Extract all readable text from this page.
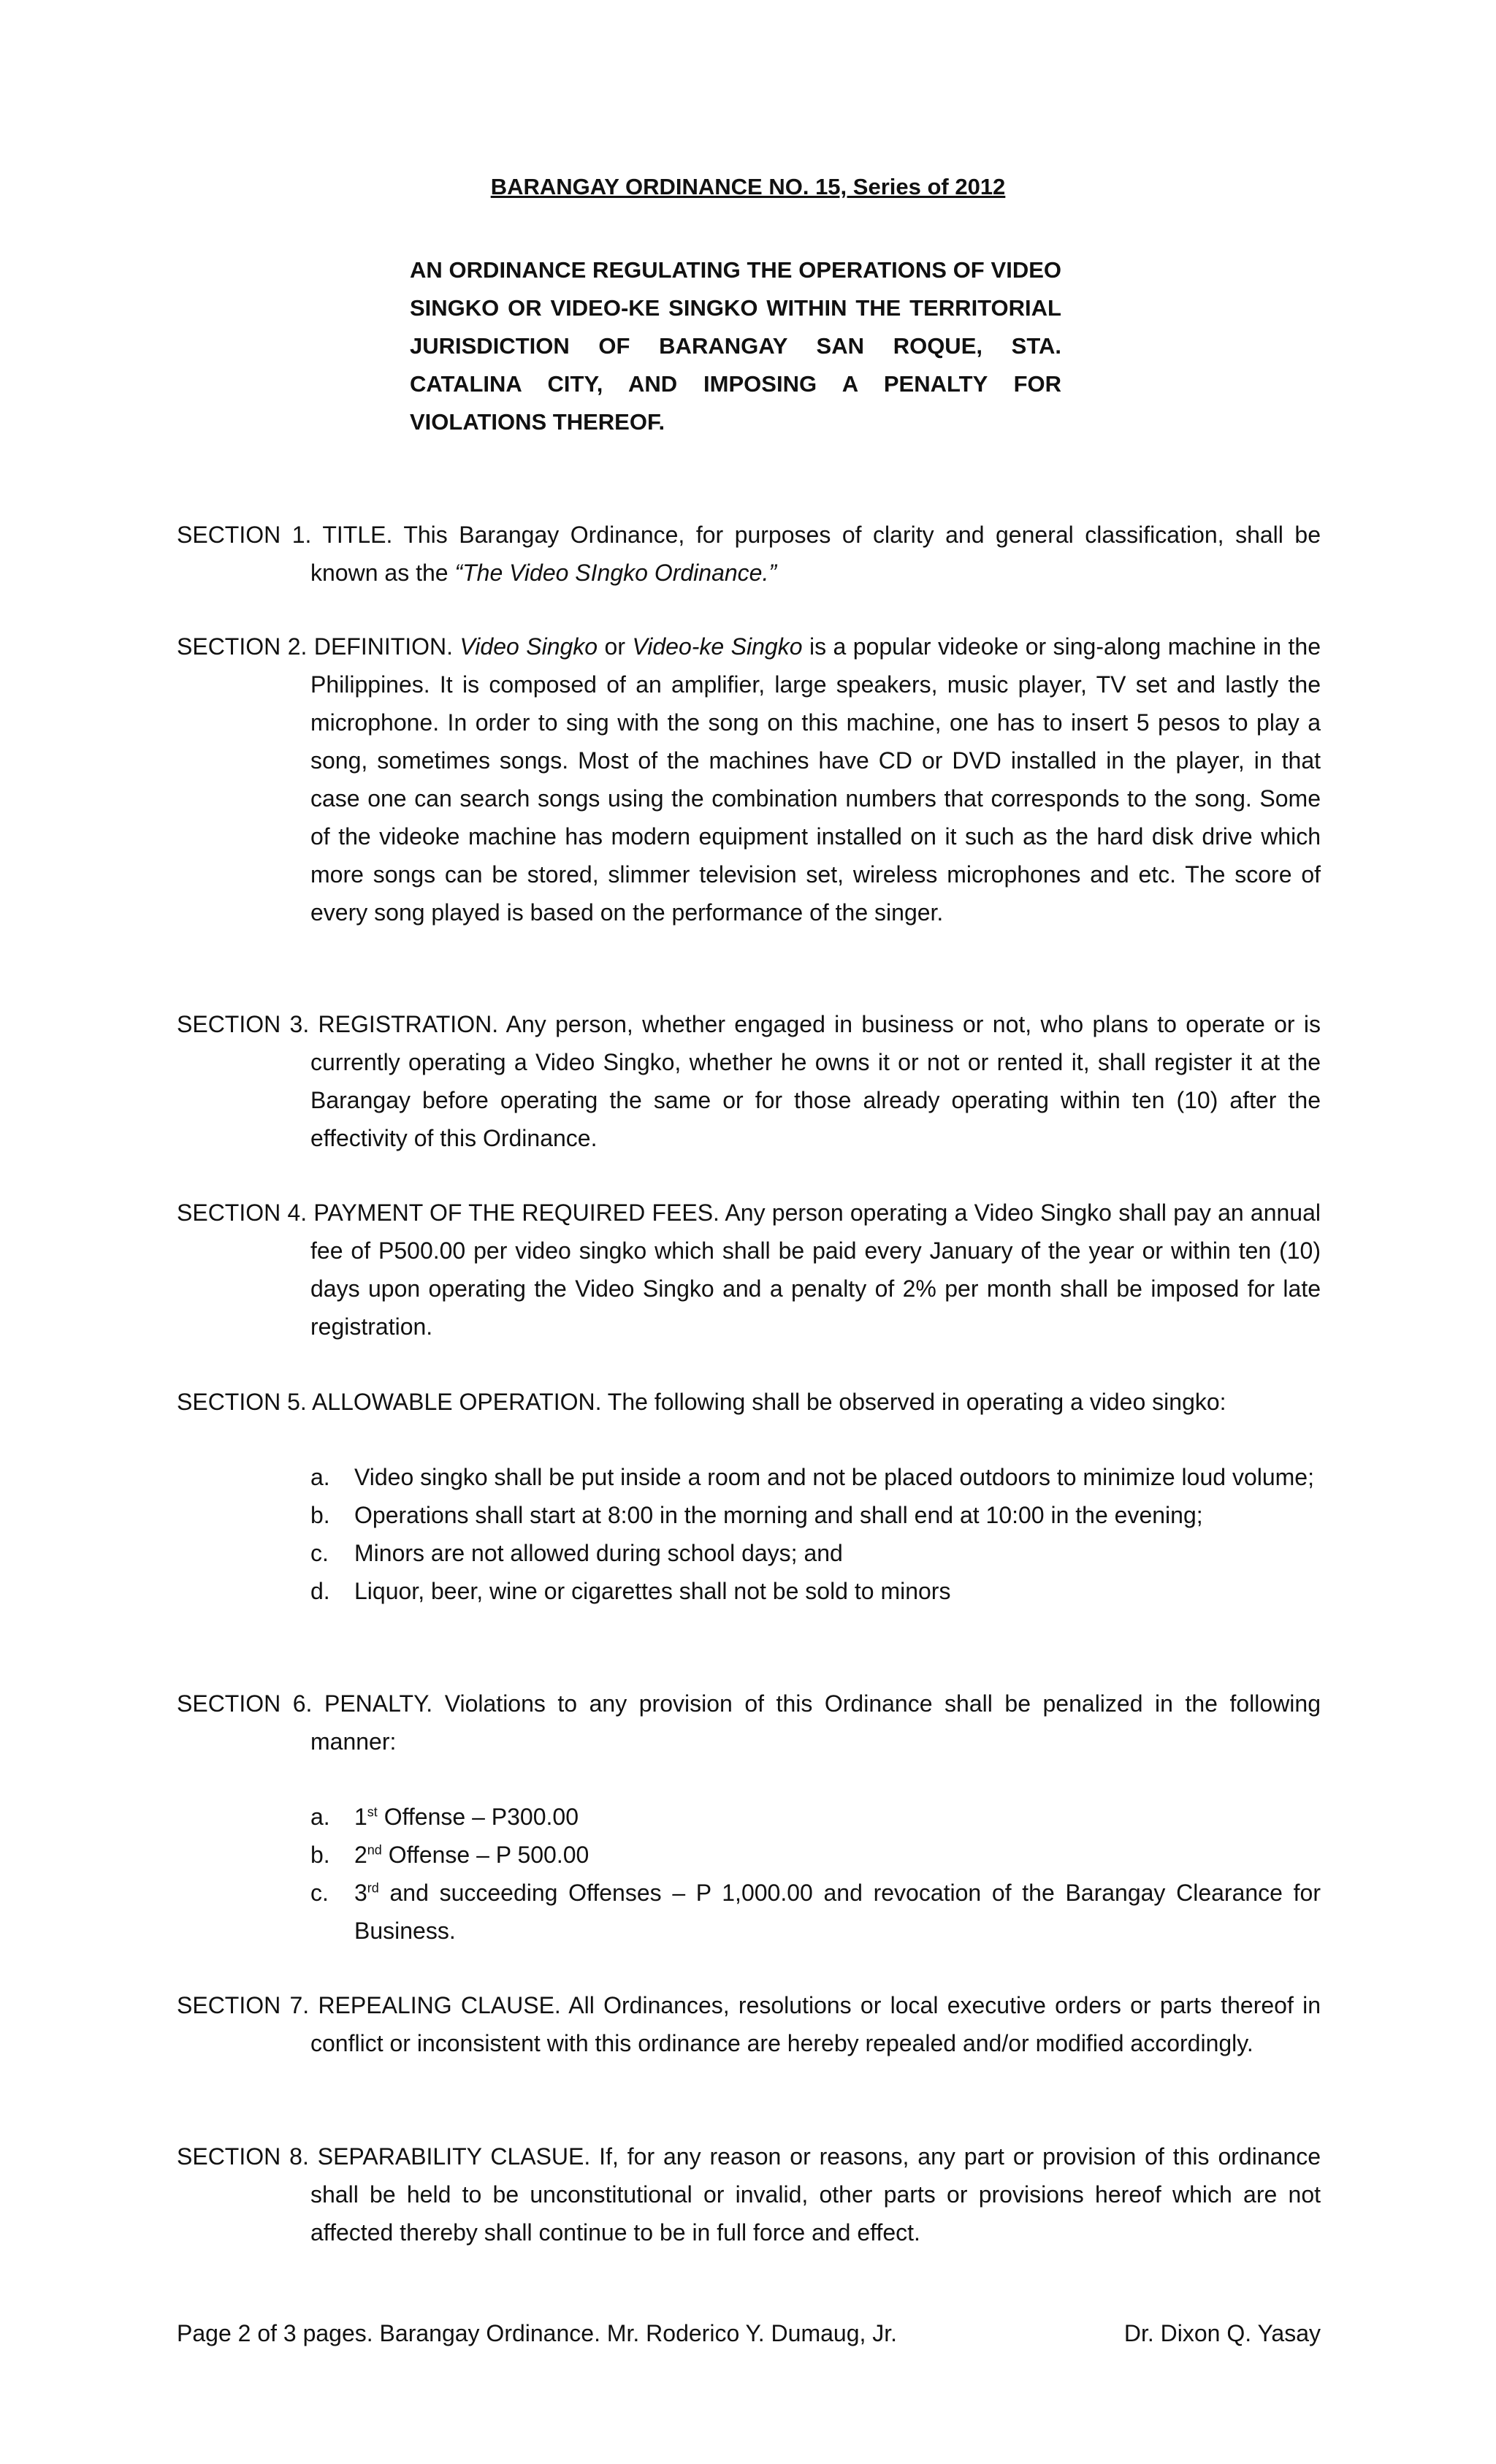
BARANGAY ORDINANCE NO. 15, Series of 2012
AN ORDINANCE REGULATING THE OPERATIONS OF VIDEO SINGKO OR VIDEO-KE SINGKO WITHIN THE TERRITORIAL JURISDICTION OF BARANGAY SAN ROQUE, STA. CATALINA CITY, AND IMPOSING A PENALTY FOR VIOLATIONS THEREOF.
SECTION 1. TITLE. This Barangay Ordinance, for purposes of clarity and general classification, shall be known as the “The Video SIngko Ordinance.”
SECTION 2. DEFINITION. Video Singko or Video-ke Singko is a popular videoke or sing-along machine in the Philippines. It is composed of an amplifier, large speakers, music player, TV set and lastly the microphone. In order to sing with the song on this machine, one has to insert 5 pesos to play a song, sometimes songs. Most of the machines have CD or DVD installed in the player, in that case one can search songs using the combination numbers that corresponds to the song. Some of the videoke machine has modern equipment installed on it such as the hard disk drive which more songs can be stored, slimmer television set, wireless microphones and etc. The score of every song played is based on the performance of the singer.
SECTION 3. REGISTRATION. Any person, whether engaged in business or not, who plans to operate or is currently operating a Video Singko, whether he owns it or not or rented it, shall register it at the Barangay before operating the same or for those already operating within ten (10) after the effectivity of this Ordinance.
SECTION 4. PAYMENT OF THE REQUIRED FEES. Any person operating a Video Singko shall pay an annual fee of P500.00 per video singko which shall be paid every January of the year or within ten (10) days upon operating the Video Singko and a penalty of 2% per month shall be imposed for late registration.
SECTION 5. ALLOWABLE OPERATION. The following shall be observed in operating a video singko:
a. Video singko shall be put inside a room and not be placed outdoors to minimize loud volume;
b. Operations shall start at 8:00 in the morning and shall end at 10:00 in the evening;
c. Minors are not allowed during school days; and
d. Liquor, beer, wine or cigarettes shall not be sold to minors
SECTION 6. PENALTY. Violations to any provision of this Ordinance shall be penalized in the following manner:
a. 1st Offense – P300.00
b. 2nd Offense – P 500.00
c. 3rd and succeeding Offenses – P 1,000.00 and revocation of the Barangay Clearance for Business.
SECTION 7. REPEALING CLAUSE. All Ordinances, resolutions or local executive orders or parts thereof in conflict or inconsistent with this ordinance are hereby repealed and/or modified accordingly.
SECTION 8. SEPARABILITY CLASUE. If, for any reason or reasons, any part or provision of this ordinance shall be held to be unconstitutional or invalid, other parts or provisions hereof which are not affected thereby shall continue to be in full force and effect.
Page 2 of 3 pages. Barangay Ordinance. Mr. Roderico Y. Dumaug, Jr.	Dr. Dixon Q. Yasay
